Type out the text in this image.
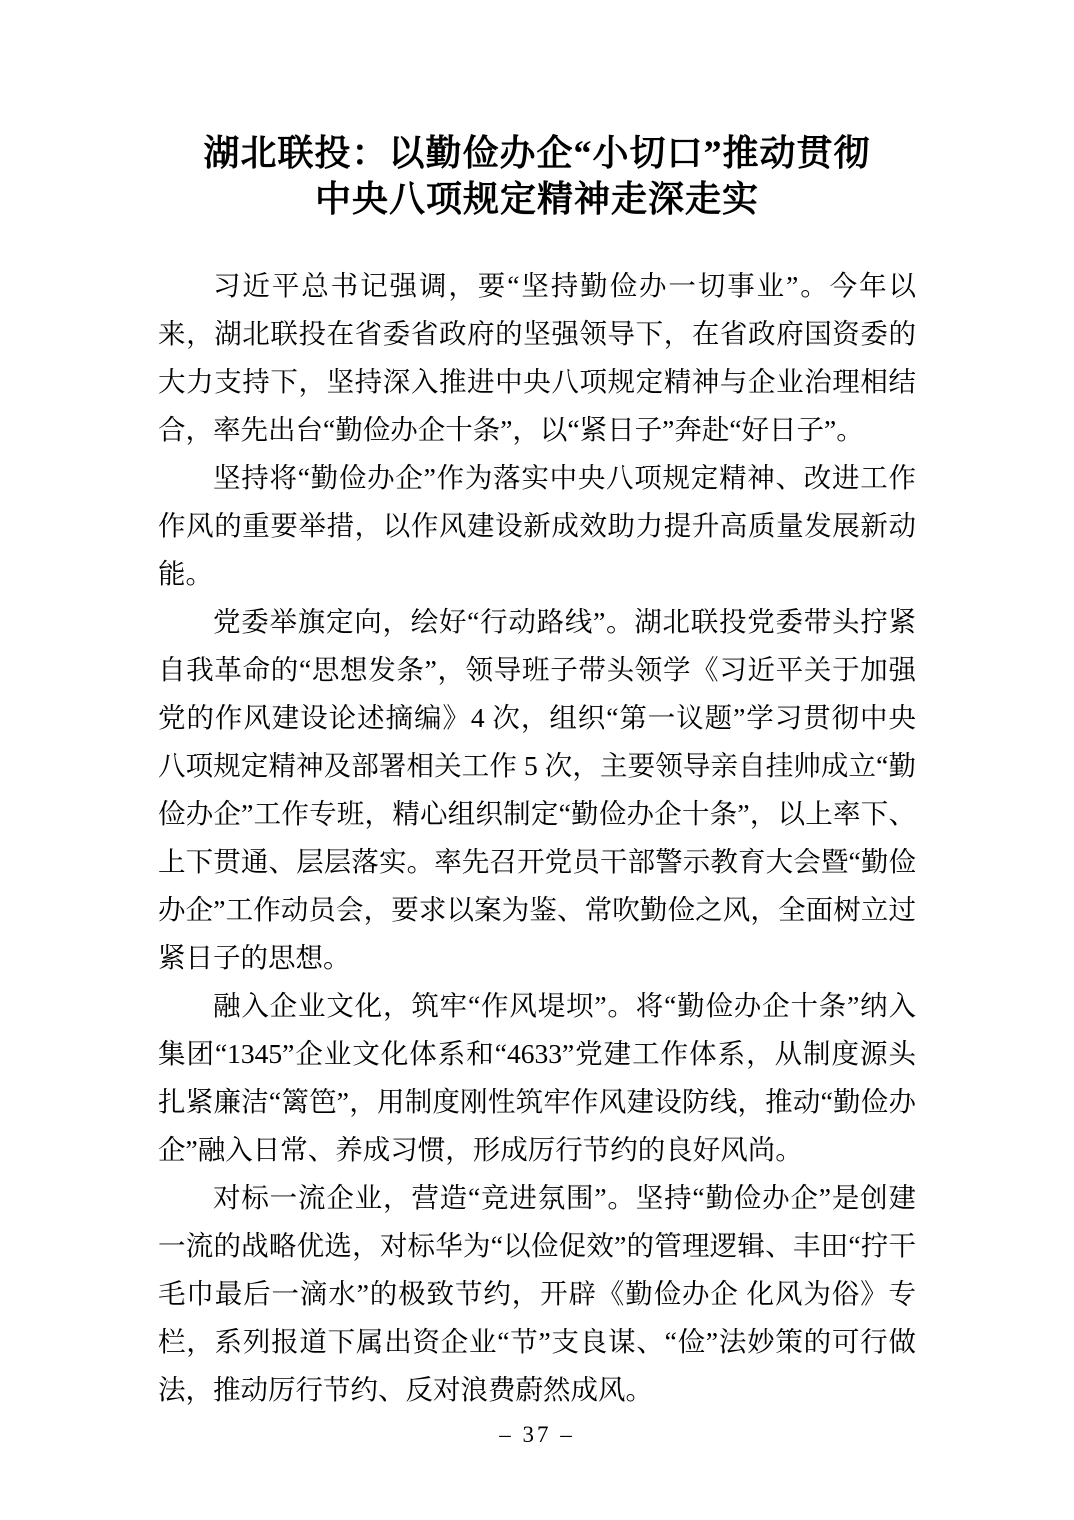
湖北联投：以勤俭办企“小切口”推动贯彻
中央八项规定精神走深走实

习近平总书记强调，要“坚持勤俭办一切事业”。今年以来，湖北联投在省委省政府的坚强领导下，在省政府国资委的大力支持下，坚持深入推进中央八项规定精神与企业治理相结合，率先出台“勤俭办企十条”，以“紧日子”奔赴“好日子”。

坚持将“勤俭办企”作为落实中央八项规定精神、改进工作作风的重要举措，以作风建设新成效助力提升高质量发展新动能。

党委举旗定向，绘好“行动路线”。湖北联投党委带头拧紧自我革命的“思想发条”，领导班子带头领学《习近平关于加强党的作风建设论述摘编》4 次，组织“第一议题”学习贯彻中央八项规定精神及部署相关工作 5 次，主要领导亲自挂帅成立“勤俭办企”工作专班，精心组织制定“勤俭办企十条”，以上率下、上下贯通、层层落实。率先召开党员干部警示教育大会暨“勤俭办企”工作动员会，要求以案为鉴、常吹勤俭之风，全面树立过紧日子的思想。

融入企业文化，筑牢“作风堤坝”。将“勤俭办企十条”纳入集团“1345”企业文化体系和“4633”党建工作体系，从制度源头扎紧廉洁“篱笆”，用制度刚性筑牢作风建设防线，推动“勤俭办企”融入日常、养成习惯，形成厉行节约的良好风尚。

对标一流企业，营造“竞进氛围”。坚持“勤俭办企”是创建一流的战略优选，对标华为“以俭促效”的管理逻辑、丰田“拧干毛巾最后一滴水”的极致节约，开辟《勤俭办企 化风为俗》专栏，系列报道下属出资企业“节”支良谋、“俭”法妙策的可行做法，推动厉行节约、反对浪费蔚然成风。

– 37 –
